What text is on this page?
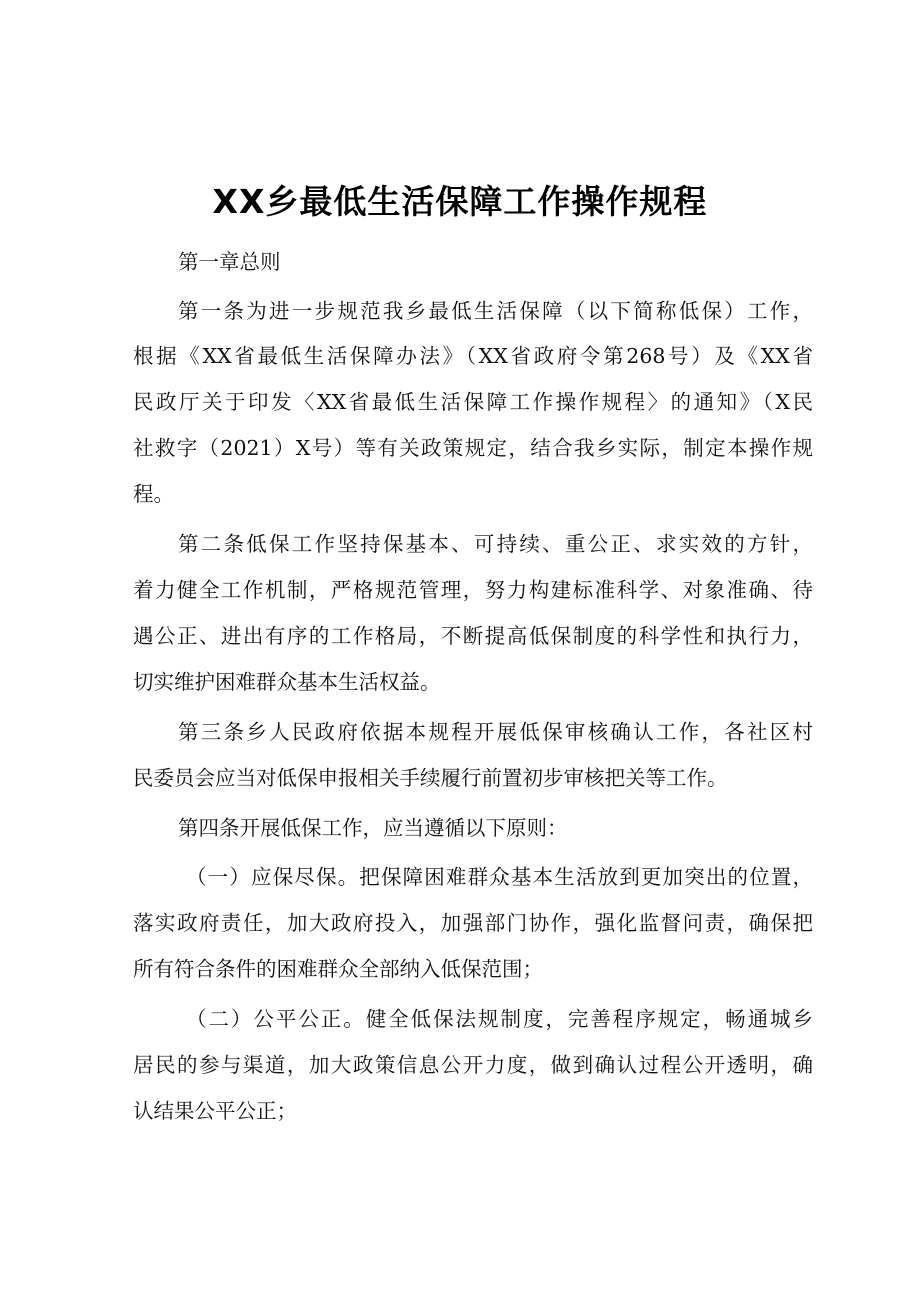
XX乡最低生活保障工作操作规程

第一章总则

第一条为进一步规范我乡最低生活保障（以下简称低保）工作，

根据《XX省最低生活保障办法》（XX省政府令第268号）及《XX省

民政厅关于印发〈XX省最低生活保障工作操作规程〉的通知》（X民

社救字（2021）X号）等有关政策规定，结合我乡实际，制定本操作规

程。

第二条低保工作坚持保基本、可持续、重公正、求实效的方针，

着力健全工作机制，严格规范管理，努力构建标准科学、对象准确、待

遇公正、进出有序的工作格局，不断提高低保制度的科学性和执行力，

切实维护困难群众基本生活权益。

第三条乡人民政府依据本规程开展低保审核确认工作，各社区村

民委员会应当对低保申报相关手续履行前置初步审核把关等工作。

第四条开展低保工作，应当遵循以下原则：

（一）应保尽保。把保障困难群众基本生活放到更加突出的位置，

落实政府责任，加大政府投入，加强部门协作，强化监督问责，确保把

所有符合条件的困难群众全部纳入低保范围；

（二）公平公正。健全低保法规制度，完善程序规定，畅通城乡

居民的参与渠道，加大政策信息公开力度，做到确认过程公开透明，确

认结果公平公正；
